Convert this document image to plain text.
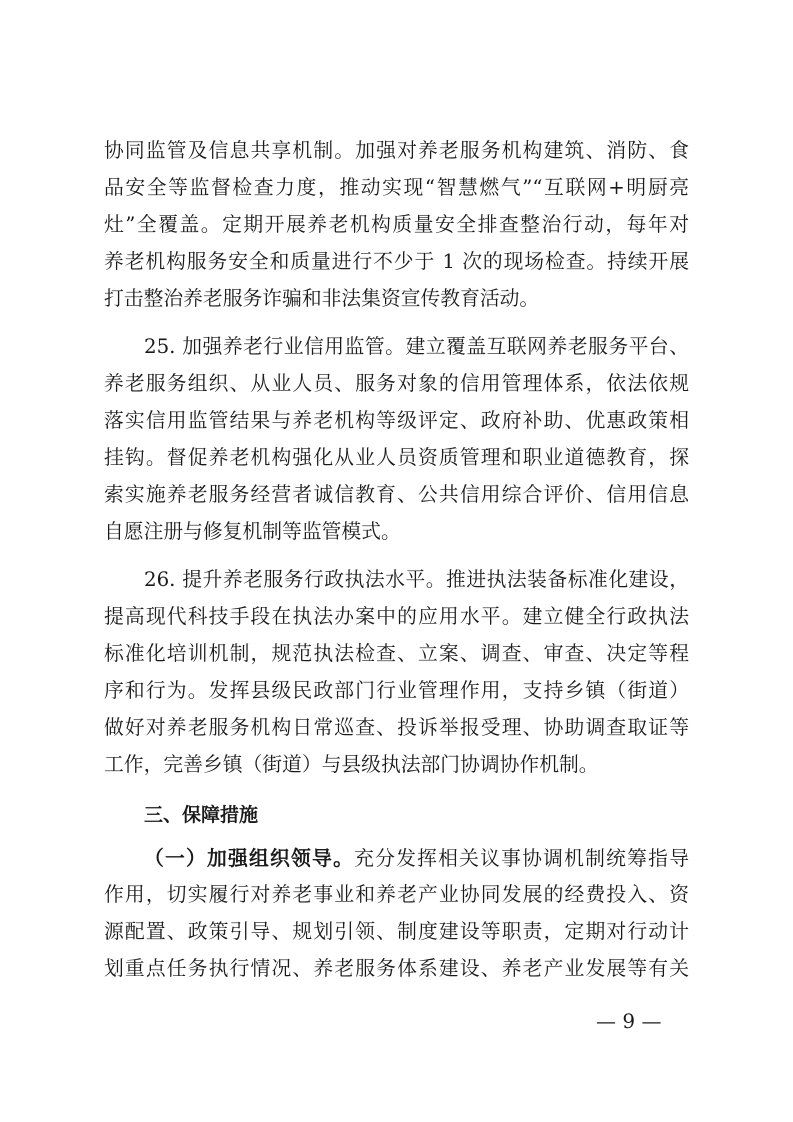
协同监管及信息共享机制。加强对养老服务机构建筑、消防、食
品安全等监督检查力度，推动实现“智慧燃气”“互联网+明厨亮
灶”全覆盖。定期开展养老机构质量安全排查整治行动，每年对
养老机构服务安全和质量进行不少于 1 次的现场检查。持续开展
打击整治养老服务诈骗和非法集资宣传教育活动。
25. 加强养老行业信用监管。建立覆盖互联网养老服务平台、
养老服务组织、从业人员、服务对象的信用管理体系，依法依规
落实信用监管结果与养老机构等级评定、政府补助、优惠政策相
挂钩。督促养老机构强化从业人员资质管理和职业道德教育，探
索实施养老服务经营者诚信教育、公共信用综合评价、信用信息
自愿注册与修复机制等监管模式。
26. 提升养老服务行政执法水平。推进执法装备标准化建设，
提高现代科技手段在执法办案中的应用水平。建立健全行政执法
标准化培训机制，规范执法检查、立案、调查、审查、决定等程
序和行为。发挥县级民政部门行业管理作用，支持乡镇（街道）
做好对养老服务机构日常巡查、投诉举报受理、协助调查取证等
工作，完善乡镇（街道）与县级执法部门协调协作机制。
三、保障措施
（一）加强组织领导。充分发挥相关议事协调机制统筹指导
作用，切实履行对养老事业和养老产业协同发展的经费投入、资
源配置、政策引导、规划引领、制度建设等职责，定期对行动计
划重点任务执行情况、养老服务体系建设、养老产业发展等有关
— 9 —
